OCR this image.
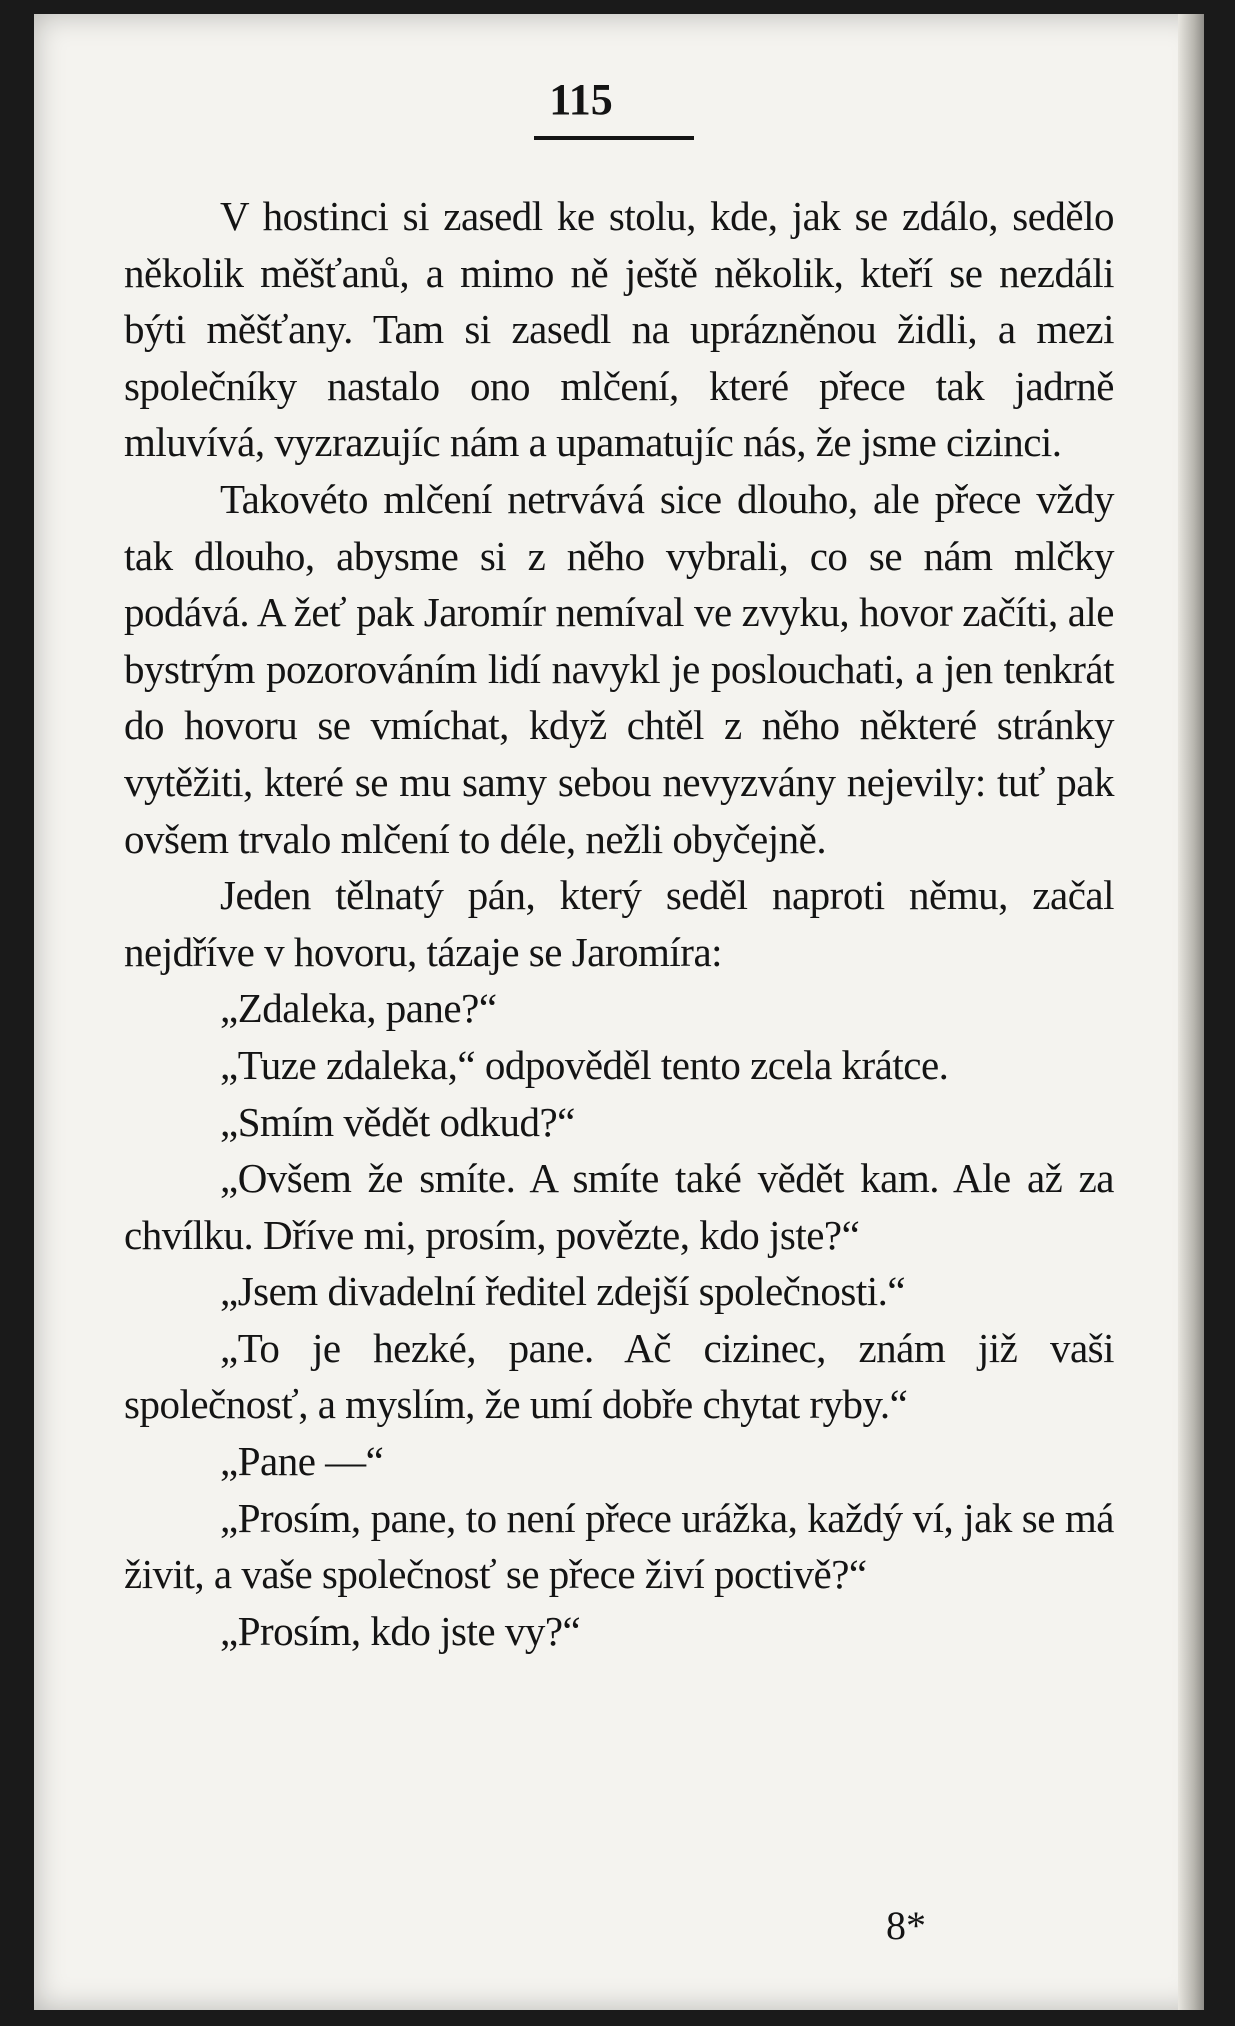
115

V hostinci si zasedl ke stolu, kde, jak se zdálo, sedělo několik měšťanů, a mimo ně ještě několik, kteří se nezdáli býti měšťany. Tam si zasedl na uprázněnou židli, a mezi společníky nastalo ono mlčení, které přece tak jadrně mluvívá, vyzrazujíc nám a upamatujíc nás, že jsme cizinci.

Takovéto mlčení netrvává sice dlouho, ale přece vždy tak dlouho, abysme si z něho vybrali, co se nám mlčky podává. A žeť pak Jaromír nemíval ve zvyku, hovor začíti, ale bystrým pozorováním lidí navykl je poslouchati, a jen tenkrát do hovoru se vmíchat, když chtěl z něho některé stránky vytěžiti, které se mu samy sebou nevyzvány nejevily: tuť pak ovšem trvalo mlčení to déle, nežli obyčejně.

Jeden tělnatý pán, který seděl naproti němu, začal nejdříve v hovoru, tázaje se Jaromíra:

„Zdaleka, pane?“

„Tuze zdaleka,“ odpověděl tento zcela krátce.

„Smím vědět odkud?“

„Ovšem že smíte. A smíte také vědět kam. Ale až za chvílku. Dříve mi, prosím, povězte, kdo jste?“

„Jsem divadelní ředitel zdejší společnosti.“

„To je hezké, pane. Ač cizinec, znám již vaši společnosť, a myslím, že umí dobře chytat ryby.“

„Pane —“

„Prosím, pane, to není přece urážka, každý ví, jak se má živit, a vaše společnosť se přece živí poctivě?“

„Prosím, kdo jste vy?“

8*
